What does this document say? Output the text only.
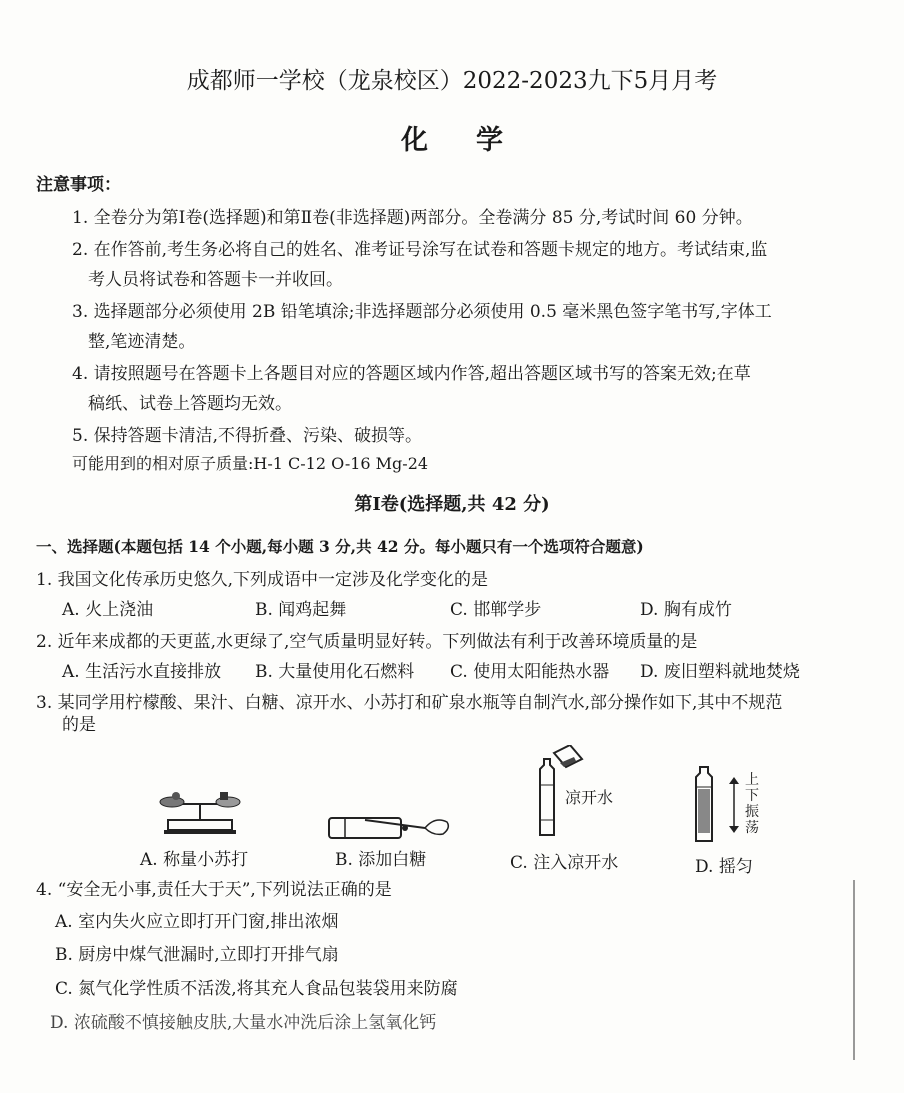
成都师一学校（龙泉校区）2022-2023九下5月月考
化学
注意事项：
1. 全卷分为第Ⅰ卷(选择题)和第Ⅱ卷(非选择题)两部分。全卷满分 85 分,考试时间 60 分钟。
2. 在作答前,考生务必将自己的姓名、准考证号涂写在试卷和答题卡规定的地方。考试结束,监
考人员将试卷和答题卡一并收回。
3. 选择题部分必须使用 2B 铅笔填涂;非选择题部分必须使用 0.5 毫米黑色签字笔书写,字体工
整,笔迹清楚。
4. 请按照题号在答题卡上各题目对应的答题区域内作答,超出答题区域书写的答案无效;在草
稿纸、试卷上答题均无效。
5. 保持答题卡清洁,不得折叠、污染、破损等。
可能用到的相对原子质量:H-1 C-12 O-16 Mg-24
第Ⅰ卷(选择题,共 42 分)
一、选择题(本题包括 14 个小题,每小题 3 分,共 42 分。每小题只有一个选项符合题意)
1. 我国文化传承历史悠久,下列成语中一定涉及化学变化的是
A. 火上浇油	B. 闻鸡起舞	C. 邯郸学步	D. 胸有成竹
2. 近年来成都的天更蓝,水更绿了,空气质量明显好转。下列做法有利于改善环境质量的是
A. 生活污水直接排放 B. 大量使用化石燃料 C. 使用太阳能热水器 D. 废旧塑料就地焚烧
3. 某同学用柠檬酸、果汁、白糖、凉开水、小苏打和矿泉水瓶等自制汽水,部分操作如下,其中不规范
的是
A. 称量小苏打	B. 添加白糖
凉开水
C. 注入凉开水
上下振荡
D. 摇匀
4. “安全无小事,责任大于天”,下列说法正确的是
A. 室内失火应立即打开门窗,排出浓烟
B. 厨房中煤气泄漏时,立即打开排气扇
C. 氮气化学性质不活泼,将其充人食品包装袋用来防腐
D. 浓硫酸不慎接触皮肤,大量水冲洗后涂上氢氧化钙
